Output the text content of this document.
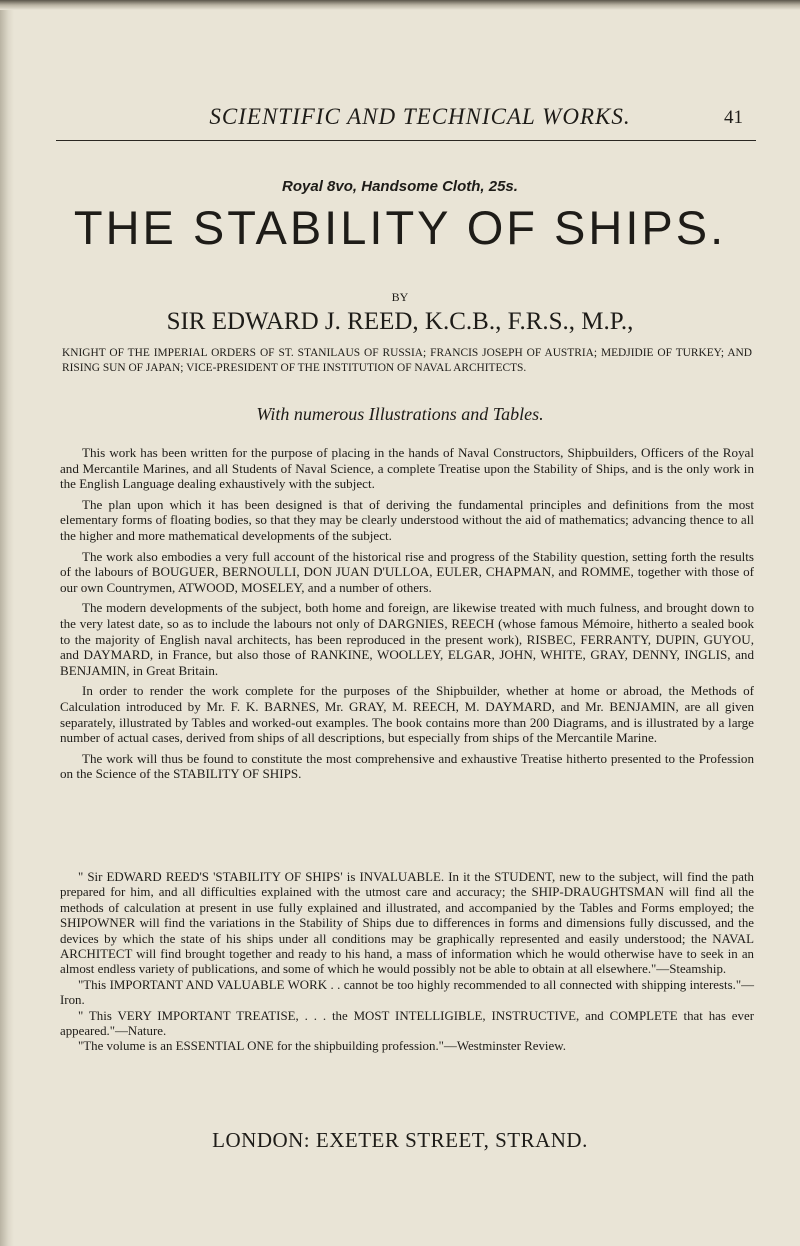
SCIENTIFIC AND TECHNICAL WORKS.	41
Royal 8vo, Handsome Cloth, 25s.
THE STABILITY OF SHIPS.
BY
SIR EDWARD J. REED, K.C.B., F.R.S., M.P.,
KNIGHT OF THE IMPERIAL ORDERS OF ST. STANILAUS OF RUSSIA; FRANCIS JOSEPH OF AUSTRIA; MEDJIDIE OF TURKEY; AND RISING SUN OF JAPAN; VICE-PRESIDENT OF THE INSTITUTION OF NAVAL ARCHITECTS.
With numerous Illustrations and Tables.

This work has been written for the purpose of placing in the hands of Naval Constructors, Shipbuilders, Officers of the Royal and Mercantile Marines, and all Students of Naval Science, a complete Treatise upon the Stability of Ships, and is the only work in the English Language dealing exhaustively with the subject.

The plan upon which it has been designed is that of deriving the fundamental principles and definitions from the most elementary forms of floating bodies, so that they may be clearly understood without the aid of mathematics; advancing thence to all the higher and more mathematical developments of the subject.

The work also embodies a very full account of the historical rise and progress of the Stability question, setting forth the results of the labours of BOUGUER, BERNOULLI, DON JUAN D'ULLOA, EULER, CHAPMAN, and ROMME, together with those of our own Countrymen, ATWOOD, MOSELEY, and a number of others.

The modern developments of the subject, both home and foreign, are likewise treated with much fulness, and brought down to the very latest date, so as to include the labours not only of DARGNIES, REECH (whose famous Mémoire, hitherto a sealed book to the majority of English naval architects, has been reproduced in the present work), RISBEC, FERRANTY, DUPIN, GUYOU, and DAYMARD, in France, but also those of RANKINE, WOOLLEY, ELGAR, JOHN, WHITE, GRAY, DENNY, INGLIS, and BENJAMIN, in Great Britain.

In order to render the work complete for the purposes of the Shipbuilder, whether at home or abroad, the Methods of Calculation introduced by Mr. F. K. BARNES, Mr. GRAY, M. REECH, M. DAYMARD, and Mr. BENJAMIN, are all given separately, illustrated by Tables and worked-out examples. The book contains more than 200 Diagrams, and is illustrated by a large number of actual cases, derived from ships of all descriptions, but especially from ships of the Mercantile Marine.

The work will thus be found to constitute the most comprehensive and exhaustive Treatise hitherto presented to the Profession on the Science of the STABILITY OF SHIPS.

" Sir EDWARD REED'S 'STABILITY OF SHIPS' is INVALUABLE. In it the STUDENT, new to the subject, will find the path prepared for him, and all difficulties explained with the utmost care and accuracy; the SHIP-DRAUGHTSMAN will find all the methods of calculation at present in use fully explained and illustrated, and accompanied by the Tables and Forms employed; the SHIPOWNER will find the variations in the Stability of Ships due to differences in forms and dimensions fully discussed, and the devices by which the state of his ships under all conditions may be graphically represented and easily understood; the NAVAL ARCHITECT will find brought together and ready to his hand, a mass of information which he would otherwise have to seek in an almost endless variety of publications, and some of which he would possibly not be able to obtain at all elsewhere."—Steamship.

"This IMPORTANT AND VALUABLE WORK . . cannot be too highly recommended to all connected with shipping interests."—Iron.

" This VERY IMPORTANT TREATISE, . . . the MOST INTELLIGIBLE, INSTRUCTIVE, and COMPLETE that has ever appeared."—Nature.

"The volume is an ESSENTIAL ONE for the shipbuilding profession."—Westminster Review.

LONDON: EXETER STREET, STRAND.
